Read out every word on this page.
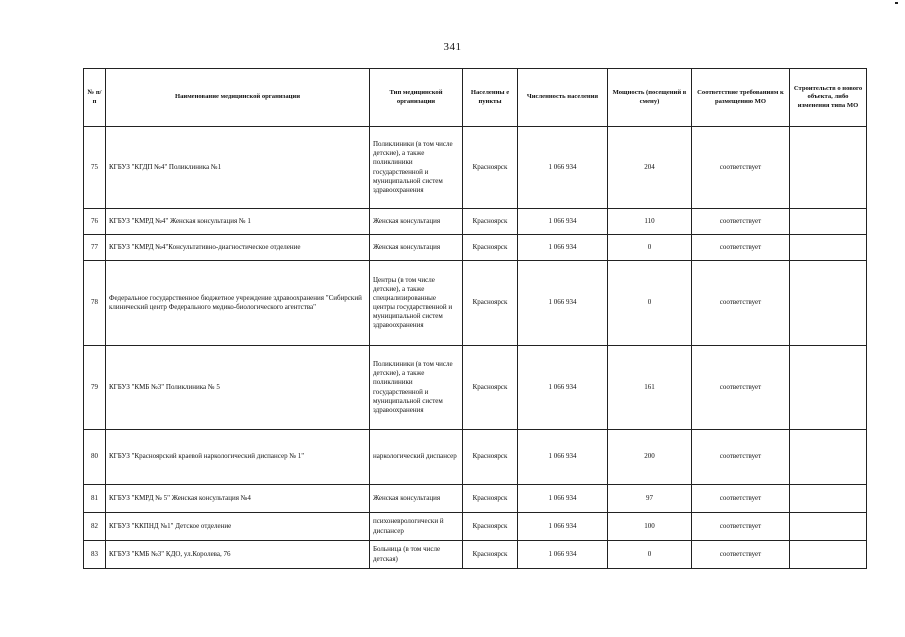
341
№ п/п	Наименование медицинской организации	Тип медицинской организации	Населенны е пункты	Численность населения	Мощность (посещений в смену)	Соответствие требованиям к размещению МО	Строительств о нового объекта, либо изменения типа МО
75	КГБУЗ "КГДП №4" Поликлиника №1	Поликлиники (в том числе детские), а также поликлиники государственной и муниципальной систем здравоохранения	Красноярск	1 066 934	204	соответствует	
76	КГБУЗ "КМРД №4" Женская консультация № 1	Женская консультация	Красноярск	1 066 934	110	соответствует	
77	КГБУЗ "КМРД №4"Консультативно-диагностическое отделение	Женская консультация	Красноярск	1 066 934	0	соответствует	
78	Федеральное государственное бюджетное учреждение здравоохранения "Сибирский клинический центр Федерального медико-биологического агентства"	Центры (в том числе детские), а также специализированные центры государственной и муниципальной систем здравоохранения	Красноярск	1 066 934	0	соответствует	
79	КГБУЗ "КМБ №3" Поликлиника № 5	Поликлиники (в том числе детские), а также поликлиники государственной и муниципальной систем здравоохранения	Красноярск	1 066 934	161	соответствует	
80	КГБУЗ "Красноярский краевой наркологический диспансер № 1"	наркологический диспансер	Красноярск	1 066 934	200	соответствует	
81	КГБУЗ "КМРД № 5" Женская консультация №4	Женская консультация	Красноярск	1 066 934	97	соответствует	
82	КГБУЗ "ККПНД №1" Детское отделение	психоневрологически й диспансер	Красноярск	1 066 934	100	соответствует	
83	КГБУЗ "КМБ №3" КДО, ул.Королева, 76	Больница (в том числе детская)	Красноярск	1 066 934	0	соответствует	
